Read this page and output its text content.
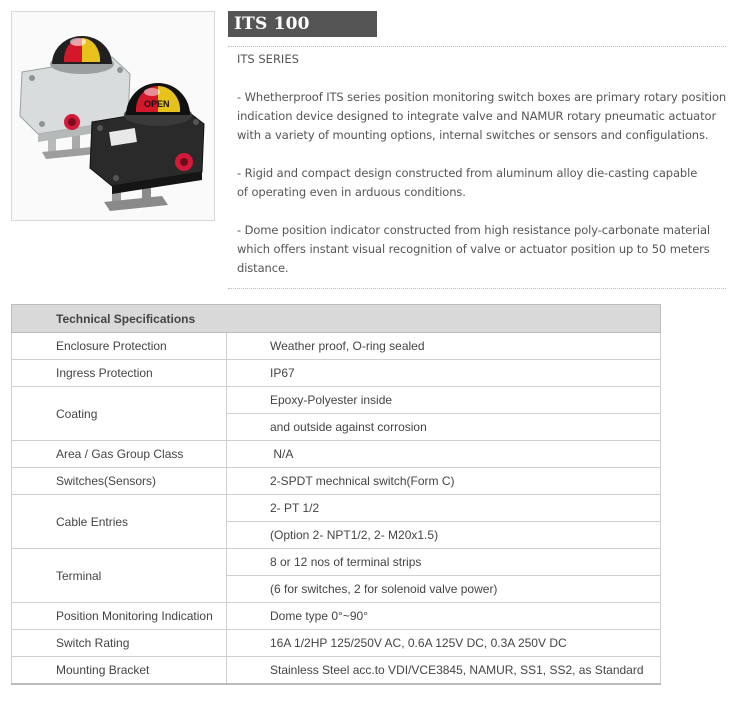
OPEN
ITS 100
ITS SERIES

- Whetherproof ITS series position monitoring switch boxes are primary rotary position
indication device designed to integrate valve and NAMUR rotary pneumatic actuator
with a variety of mounting options, internal switches or sensors and configulations.

- Rigid and compact design constructed from aluminum alloy die-casting capable
of operating even in arduous conditions.

- Dome position indicator constructed from high resistance poly-carbonate material
which offers instant visual recognition of valve or actuator position up to 50 meters
distance.

Technical Specifications	
Enclosure Protection	Weather proof, O-ring sealed
Ingress Protection	IP67
Coating	Epoxy-Polyester inside
	and outside against corrosion
Area / Gas Group Class	N/A
Switches(Sensors)	2-SPDT mechnical switch(Form C)
Cable Entries	2- PT 1/2
	(Option 2- NPT1/2, 2- M20x1.5)
Terminal	8 or 12 nos of terminal strips
	(6 for switches, 2 for solenoid valve power)
Position Monitoring Indication	Dome type 0°~90°
Switch Rating	16A 1/2HP 125/250V AC, 0.6A 125V DC, 0.3A 250V DC
Mounting Bracket	Stainless Steel acc.to VDI/VCE3845, NAMUR, SS1, SS2, as Standard
